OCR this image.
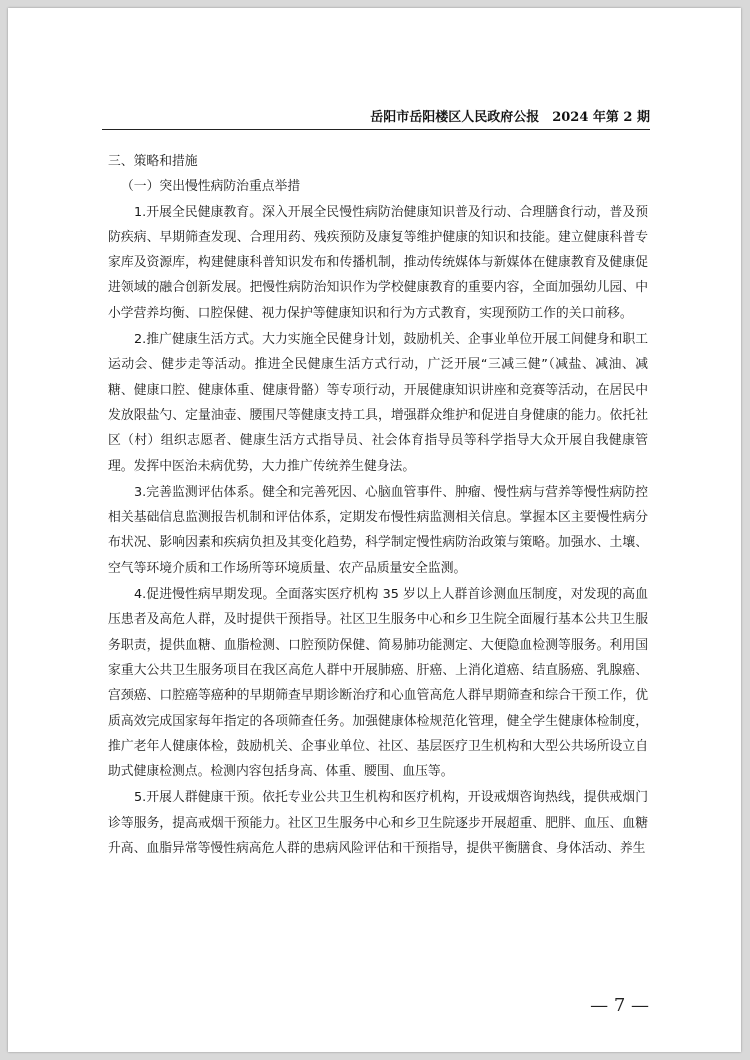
岳阳市岳阳楼区人民政府公报　2024 年第 2 期

三、策略和措施

（一）突出慢性病防治重点举措

1.开展全民健康教育。深入开展全民慢性病防治健康知识普及行动、合理膳食行动，普及预防疾病、早期筛查发现、合理用药、残疾预防及康复等维护健康的知识和技能。建立健康科普专家库及资源库，构建健康科普知识发布和传播机制，推动传统媒体与新媒体在健康教育及健康促进领域的融合创新发展。把慢性病防治知识作为学校健康教育的重要内容，全面加强幼儿园、中小学营养均衡、口腔保健、视力保护等健康知识和行为方式教育，实现预防工作的关口前移。

2.推广健康生活方式。大力实施全民健身计划，鼓励机关、企事业单位开展工间健身和职工运动会、健步走等活动。推进全民健康生活方式行动，广泛开展“三减三健”（减盐、减油、减糖、健康口腔、健康体重、健康骨骼）等专项行动，开展健康知识讲座和竞赛等活动，在居民中发放限盐勺、定量油壶、腰围尺等健康支持工具，增强群众维护和促进自身健康的能力。依托社区（村）组织志愿者、健康生活方式指导员、社会体育指导员等科学指导大众开展自我健康管理。发挥中医治未病优势，大力推广传统养生健身法。

3.完善监测评估体系。健全和完善死因、心脑血管事件、肿瘤、慢性病与营养等慢性病防控相关基础信息监测报告机制和评估体系，定期发布慢性病监测相关信息。掌握本区主要慢性病分布状况、影响因素和疾病负担及其变化趋势，科学制定慢性病防治政策与策略。加强水、土壤、空气等环境介质和工作场所等环境质量、农产品质量安全监测。

4.促进慢性病早期发现。全面落实医疗机构 35 岁以上人群首诊测血压制度，对发现的高血压患者及高危人群，及时提供干预指导。社区卫生服务中心和乡卫生院全面履行基本公共卫生服务职责，提供血糖、血脂检测、口腔预防保健、简易肺功能测定、大便隐血检测等服务。利用国家重大公共卫生服务项目在我区高危人群中开展肺癌、肝癌、上消化道癌、结直肠癌、乳腺癌、宫颈癌、口腔癌等癌种的早期筛查早期诊断治疗和心血管高危人群早期筛查和综合干预工作，优质高效完成国家每年指定的各项筛查任务。加强健康体检规范化管理，健全学生健康体检制度，推广老年人健康体检，鼓励机关、企事业单位、社区、基层医疗卫生机构和大型公共场所设立自助式健康检测点。检测内容包括身高、体重、腰围、血压等。

5.开展人群健康干预。依托专业公共卫生机构和医疗机构，开设戒烟咨询热线，提供戒烟门诊等服务，提高戒烟干预能力。社区卫生服务中心和乡卫生院逐步开展超重、肥胖、血压、血糖升高、血脂异常等慢性病高危人群的患病风险评估和干预指导，提供平衡膳食、身体活动、养生

— 7 —
